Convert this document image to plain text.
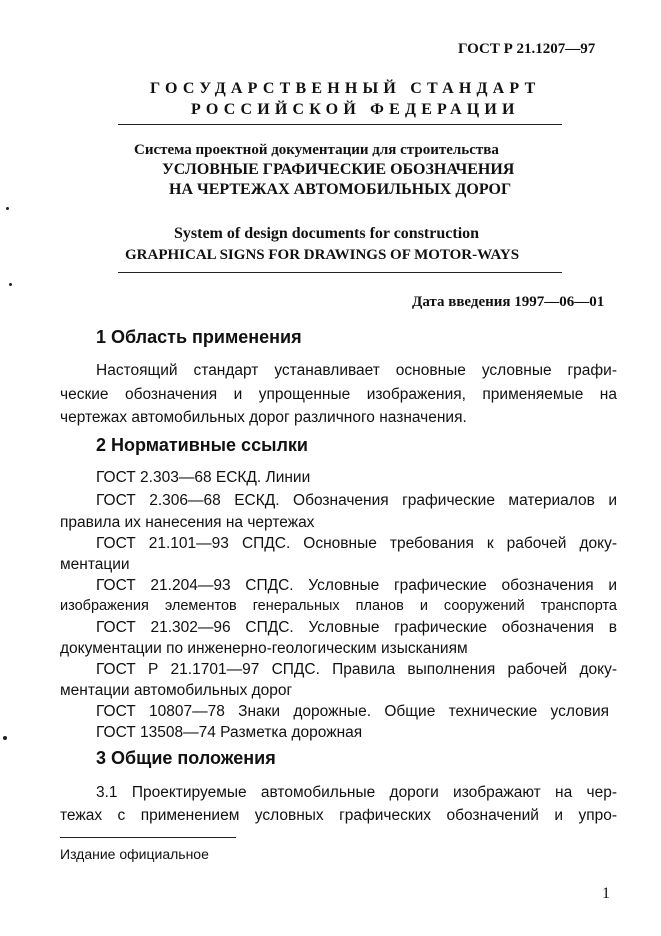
ГОСТ Р 21.1207—97
ГОСУДАРСТВЕННЫЙ СТАНДАРТ
РОССИЙСКОЙ ФЕДЕРАЦИИ
Система проектной документации для строительства
УСЛОВНЫЕ ГРАФИЧЕСКИЕ ОБОЗНАЧЕНИЯ
НА ЧЕРТЕЖАХ АВТОМОБИЛЬНЫХ ДОРОГ
System of design documents for construction
GRAPHICAL SIGNS FOR DRAWINGS OF MOTOR-WAYS
Дата введения 1997—06—01
1 Область применения
Настоящий стандарт устанавливает основные условные графи-
ческие обозначения и упрощенные изображения, применяемые на
чертежах автомобильных дорог различного назначения.
2 Нормативные ссылки
ГОСТ 2.303—68 ЕСКД. Линии
ГОСТ 2.306—68 ЕСКД. Обозначения графические материалов и
правила их нанесения на чертежах
ГОСТ 21.101—93 СПДС. Основные требования к рабочей доку-
ментации
ГОСТ 21.204—93 СПДС. Условные графические обозначения и
изображения элементов генеральных планов и сооружений транспорта
ГОСТ 21.302—96 СПДС. Условные графические обозначения в
документации по инженерно-геологическим изысканиям
ГОСТ Р 21.1701—97 СПДС. Правила выполнения рабочей доку-
ментации автомобильных дорог
ГОСТ 10807—78 Знаки дорожные. Общие технические условия
ГОСТ 13508—74 Разметка дорожная
3 Общие положения
3.1 Проектируемые автомобильные дороги изображают на чер-
тежах с применением условных графических обозначений и упро-
Издание официальное
1
